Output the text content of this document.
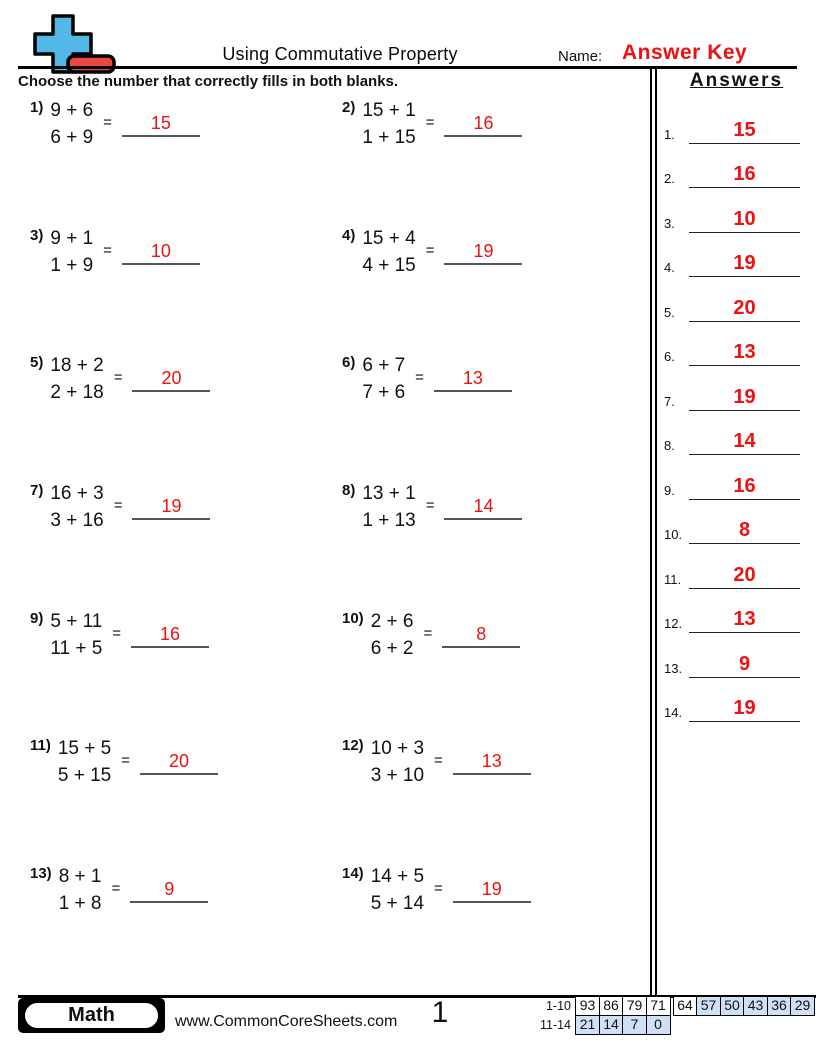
Using Commutative Property	Name: Answer Key
Choose the number that correctly fills in both blanks.
1) 9 + 6
6 + 9
= 15
2) 15 + 1
1 + 15
= 16
3) 9 + 1
1 + 9
= 10
4) 15 + 4
4 + 15
= 19
5) 18 + 2
2 + 18
= 20
6) 6 + 7
7 + 6
= 13
7) 16 + 3
3 + 16
= 19
8) 13 + 1
1 + 13
= 14
9) 5 + 11
11 + 5
= 16
10) 2 + 6
6 + 2
= 8
11) 15 + 5
5 + 15
= 20
12) 10 + 3
3 + 10
= 13
13) 8 + 1
1 + 8
= 9
14) 14 + 5
5 + 14
= 19
Answers
1.	15
2.	16
3.	10
4.	19
5.	20
6.	13
7.	19
8.	14
9.	16
10.	8
11.	20
12.	13
13.	9
14.	19
Math	www.CommonCoreSheets.com	1	1-10 93 86 79 71 64 57 50 43 36 29
11-14 21 14 7	0
